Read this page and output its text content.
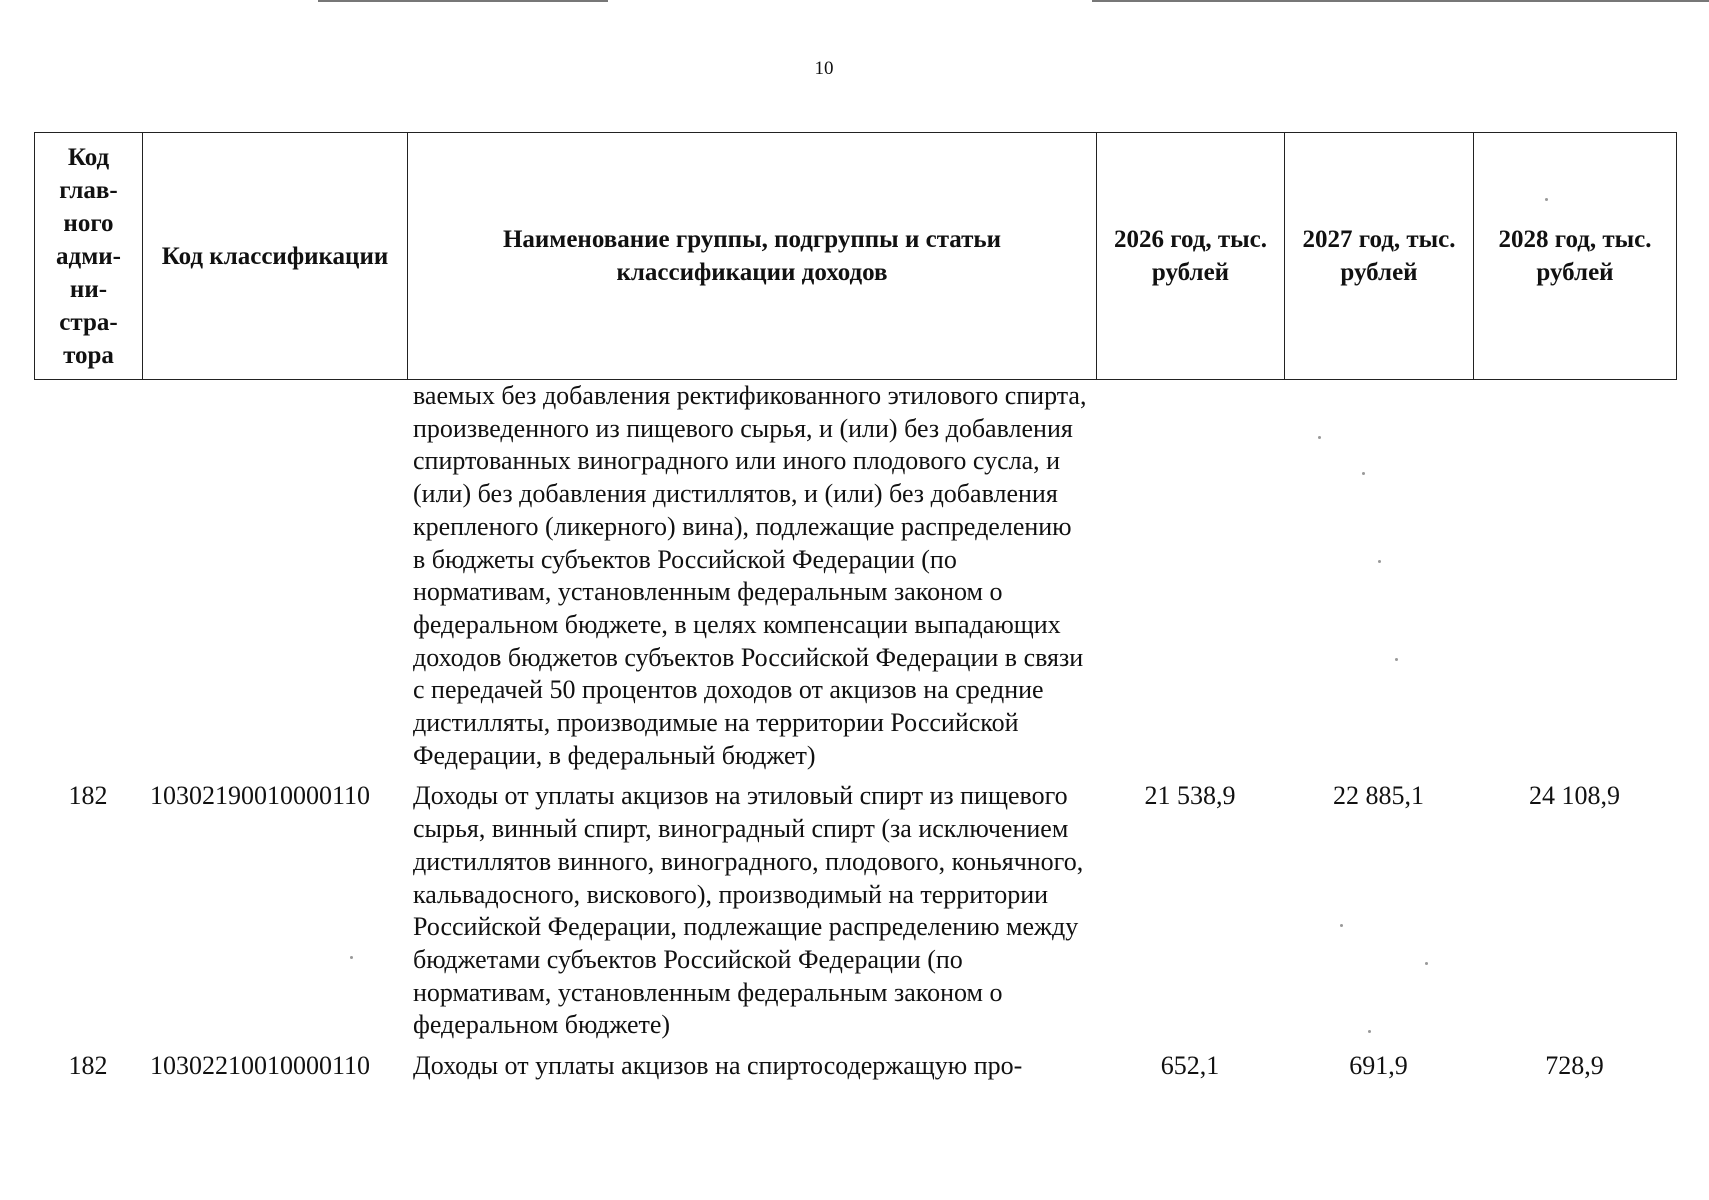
10
Код глав-ного адми-ни-стра-тора	Код классификации	Наименование группы, подгруппы и статьи классификации доходов	2026 год, тыс. рублей	2027 год, тыс. рублей	2028 год, тыс. рублей
		ваемых без добавления ректификованного этилового спирта, произведенного из пищевого сырья, и (или) без добавления спиртованных виноградного или иного плодового сусла, и (или) без добавления дистиллятов, и (или) без добавления крепленого (ликерного) вина), подлежащие распределению в бюджеты субъектов Российской Федерации (по нормативам, установленным федеральным законом о федеральном бюджете, в целях компенсации выпадающих доходов бюджетов субъектов Российской Федерации в связи с передачей 50 процентов доходов от акцизов на средние дистилляты, производимые на территории Российской Федерации, в федеральный бюджет)			
182	10302190010000110	Доходы от уплаты акцизов на этиловый спирт из пищевого сырья, винный спирт, виноградный спирт (за исключением дистиллятов винного, виноградного, плодового, коньячного, кальвадосного, вискового), производимый на территории Российской Федерации, подлежащие распределению между бюджетами субъектов Российской Федерации (по нормативам, установленным федеральным законом о федеральном бюджете)	21 538,9	22 885,1	24 108,9
182	10302210010000110	Доходы от уплаты акцизов на спиртосодержащую про-	652,1	691,9	728,9
